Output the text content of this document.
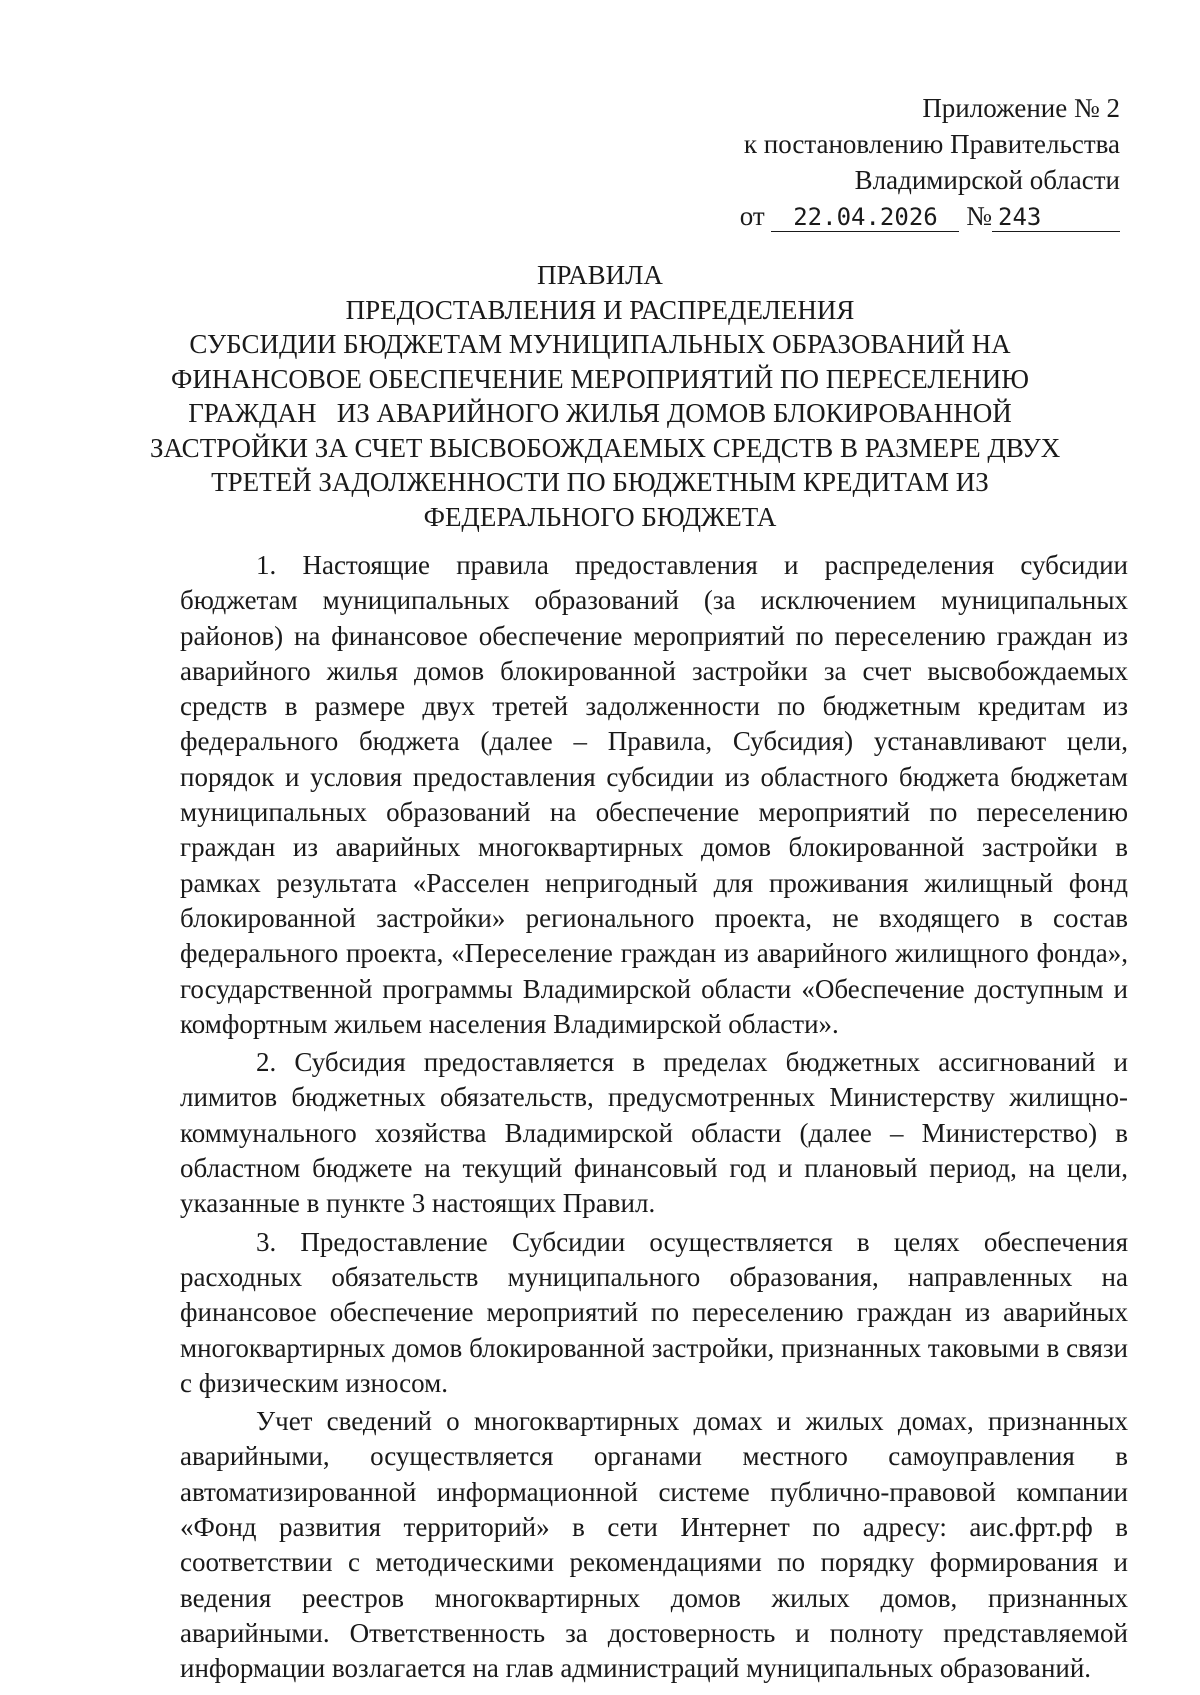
Приложение № 2
к постановлению Правительства
Владимирской области
от 22.04.2026 № 243
ПРАВИЛА
ПРЕДОСТАВЛЕНИЯ И РАСПРЕДЕЛЕНИЯ
СУБСИДИИ БЮДЖЕТАМ МУНИЦИПАЛЬНЫХ ОБРАЗОВАНИЙ НА
ФИНАНСОВОЕ ОБЕСПЕЧЕНИЕ МЕРОПРИЯТИЙ ПО ПЕРЕСЕЛЕНИЮ
ГРАЖДАН   ИЗ АВАРИЙНОГО ЖИЛЬЯ ДОМОВ БЛОКИРОВАННОЙ
ЗАСТРОЙКИ ЗА СЧЕТ ВЫСВОБОЖДАЕМЫХ СРЕДСТВ В РАЗМЕРЕ ДВУХ
ТРЕТЕЙ ЗАДОЛЖЕННОСТИ ПО БЮДЖЕТНЫМ КРЕДИТАМ ИЗ
ФЕДЕРАЛЬНОГО БЮДЖЕТА

1. Настоящие правила предоставления и распределения субсидии бюджетам муниципальных образований (за исключением муниципальных районов) на финансовое обеспечение мероприятий по переселению граждан из аварийного жилья домов блокированной застройки за счет высвобождаемых средств в размере двух третей задолженности по бюджетным кредитам из федерального бюджета (далее – Правила, Субсидия) устанавливают цели, порядок и условия предоставления субсидии из областного бюджета бюджетам муниципальных образований на обеспечение мероприятий по переселению граждан из аварийных многоквартирных домов блокированной застройки в рамках результата «Расселен непригодный для проживания жилищный фонд блокированной застройки» регионального проекта, не входящего в состав федерального проекта, «Переселение граждан из аварийного жилищного фонда», государственной программы Владимирской области «Обеспечение доступным и комфортным жильем населения Владимирской области».

2. Субсидия предоставляется в пределах бюджетных ассигнований и лимитов бюджетных обязательств, предусмотренных Министерству жилищно-коммунального хозяйства Владимирской области (далее – Министерство) в областном бюджете на текущий финансовый год и плановый период, на цели, указанные в пункте 3 настоящих Правил.

3. Предоставление Субсидии осуществляется в целях обеспечения расходных обязательств муниципального образования, направленных на финансовое обеспечение мероприятий по переселению граждан из аварийных многоквартирных домов блокированной застройки, признанных таковыми в связи с физическим износом.

Учет сведений о многоквартирных домах и жилых домах, признанных аварийными, осуществляется органами местного самоуправления в автоматизированной информационной системе публично-правовой компании «Фонд развития территорий» в сети Интернет по адресу: аис.фрт.рф в соответствии с методическими рекомендациями по порядку формирования и ведения реестров многоквартирных домов жилых домов, признанных аварийными. Ответственность за достоверность и полноту представляемой информации возлагается на глав администраций муниципальных образований.
